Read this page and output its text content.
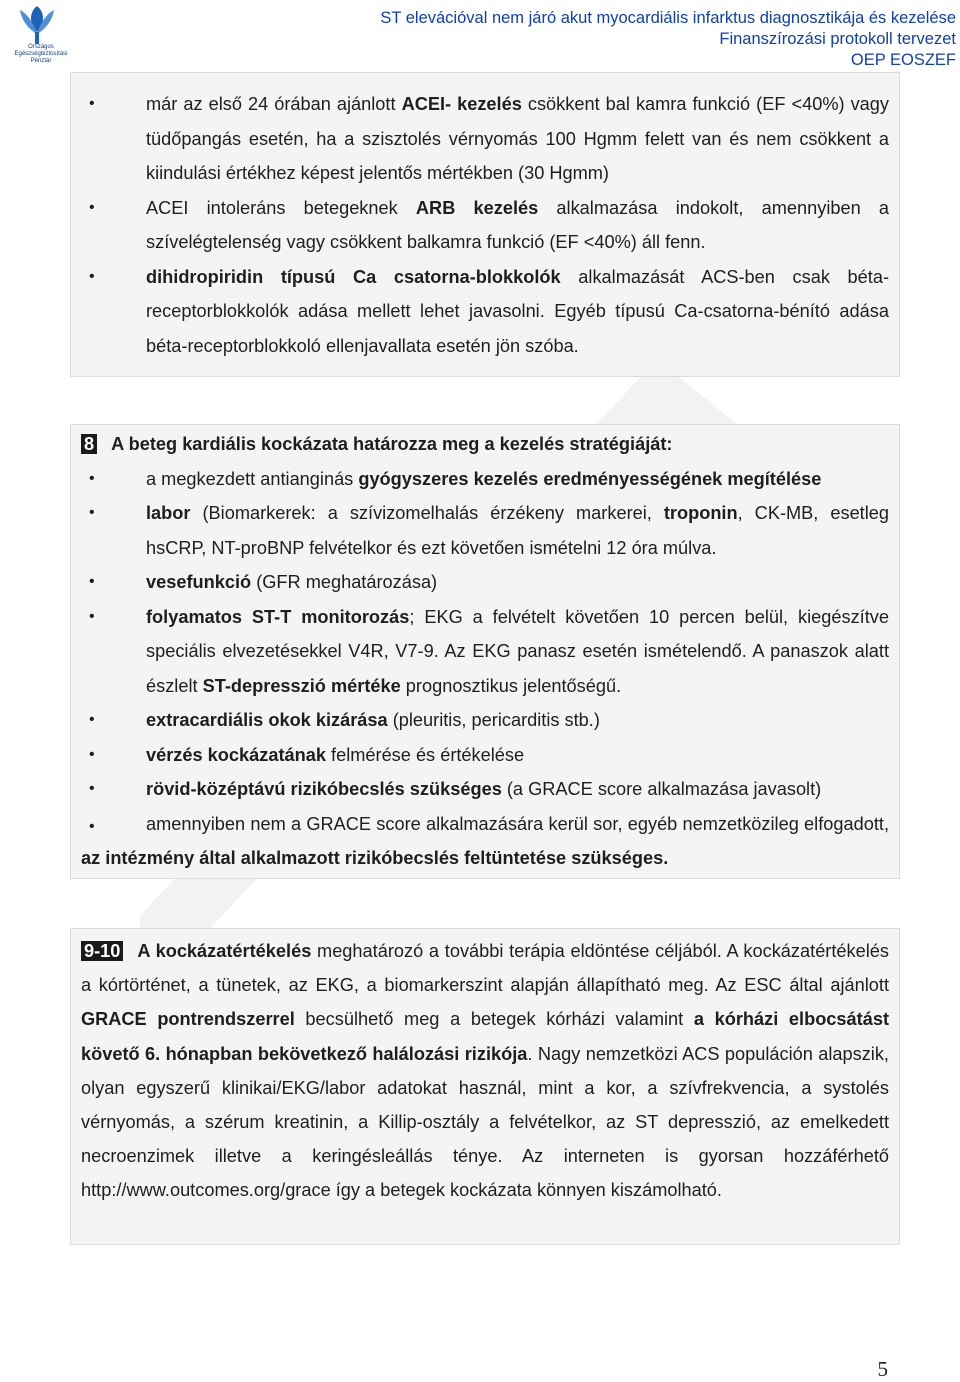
Országos Egészségbiztosítási Pénztár
ST elevációval nem járó akut myocardiális infarktus diagnosztikája és kezelése
Finanszírozási protokoll tervezet
OEP EOSZEF
•	már az első 24 órában ajánlott ACEI- kezelés csökkent bal kamra funkció (EF <40%) vagy tüdőpangás esetén, ha a szisztolés vérnyomás 100 Hgmm felett van és nem csökkent a kiindulási értékhez képest jelentős mértékben (30 Hgmm)
•	ACEI intoleráns betegeknek ARB kezelés alkalmazása indokolt, amennyiben a szívelégtelenség vagy csökkent balkamra funkció (EF <40%) áll fenn.
•	dihidropiridin típusú Ca csatorna-blokkolók alkalmazását ACS-ben csak béta-receptorblokkolók adása mellett lehet javasolni. Egyéb típusú Ca-csatorna-bénító adása béta-receptorblokkoló ellenjavallata esetén jön szóba.
8 A beteg kardiális kockázata határozza meg a kezelés stratégiáját:
•	a megkezdett antianginás gyógyszeres kezelés eredményességének megítélése
•	labor (Biomarkerek: a szívizomelhalás érzékeny markerei, troponin, CK-MB, esetleg hsCRP, NT-proBNP felvételkor és ezt követően ismételni 12 óra múlva.
•	vesefunkció (GFR meghatározása)
•	folyamatos ST-T monitorozás; EKG a felvételt követően 10 percen belül, kiegészítve speciális elvezetésekkel V4R, V7-9. Az EKG panasz esetén ismételendő. A panaszok alatt észlelt ST-depresszió mértéke prognosztikus jelentőségű.
•	extracardiális okok kizárása (pleuritis, pericarditis stb.)
•	vérzés kockázatának felmérése és értékelése
•	rövid-középtávú rizikóbecslés szükséges (a GRACE score alkalmazása javasolt)
•	amennyiben nem a GRACE score alkalmazására kerül sor, egyéb nemzetközileg elfogadott, az intézmény által alkalmazott rizikóbecslés feltüntetése szükséges.
9-10 A kockázatértékelés meghatározó a további terápia eldöntése céljából. A kockázatértékelés a kórtörténet, a tünetek, az EKG, a biomarkerszint alapján állapítható meg. Az ESC által ajánlott GRACE pontrendszerrel becsülhető meg a betegek kórházi valamint a kórházi elbocsátást követő 6. hónapban bekövetkező halálozási rizikója. Nagy nemzetközi ACS populáción alapszik, olyan egyszerű klinikai/EKG/labor adatokat használ, mint a kor, a szívfrekvencia, a systolés vérnyomás, a szérum kreatinin, a Killip-osztály a felvételkor, az ST depresszió, az emelkedett necroenzimek illetve a keringésleállás ténye. Az interneten is gyorsan hozzáférhető http://www.outcomes.org/grace így a betegek kockázata könnyen kiszámolható.
5
